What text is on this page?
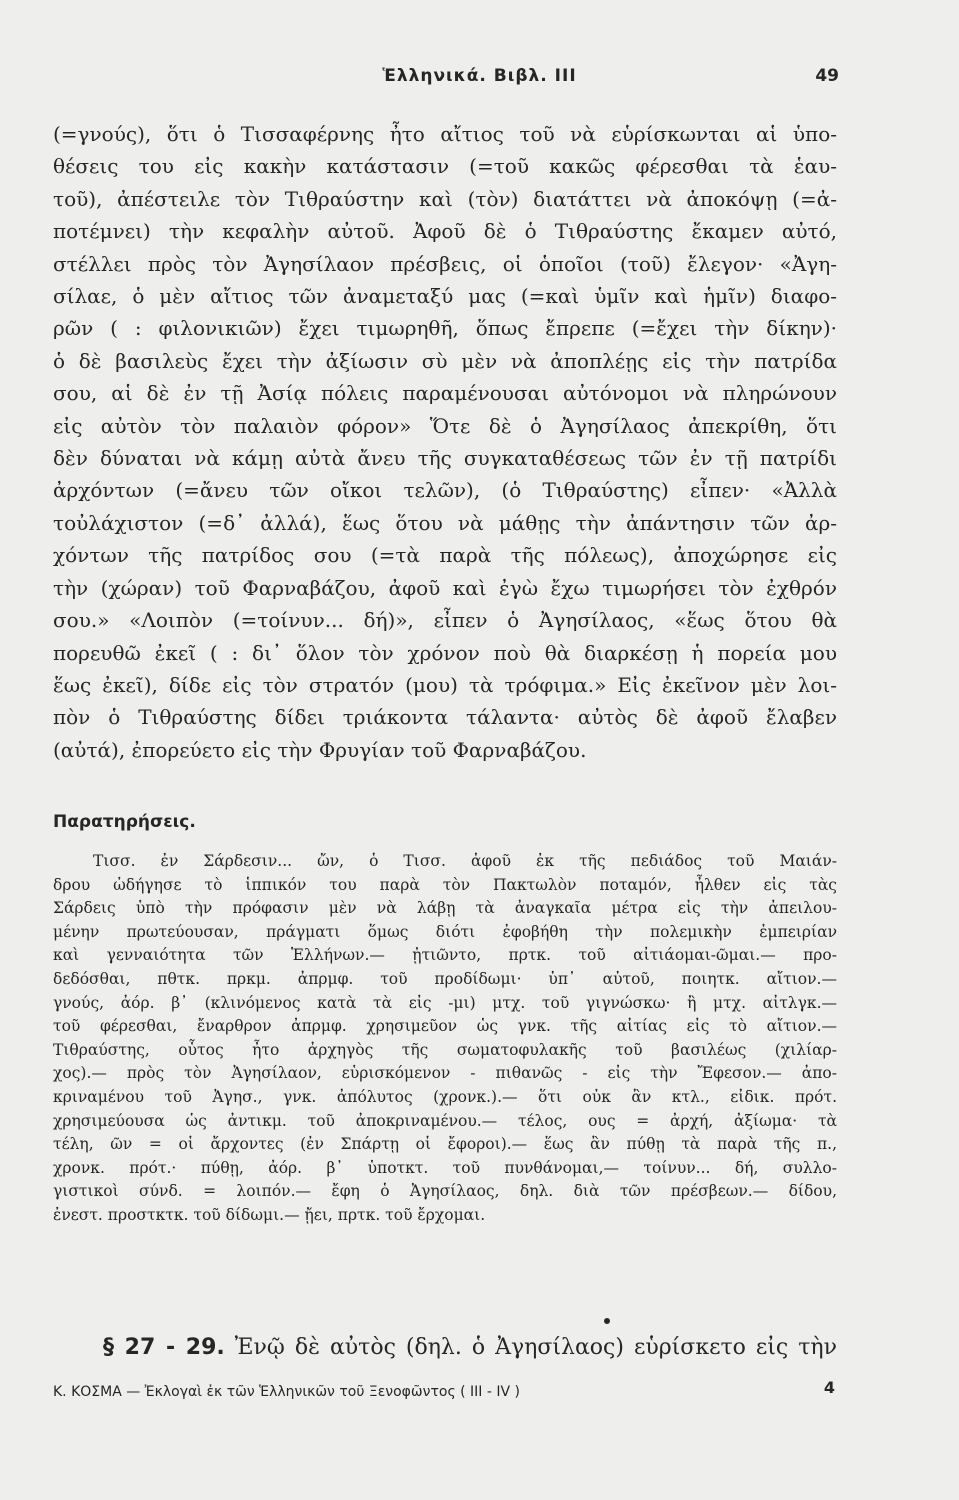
Ἑλληνικά. Βιβλ. III	49
(=γνούς), ὅτι ὁ Τισσαφέρνης ἦτο αἴτιος τοῦ νὰ εὑρίσκωνται αἱ ὑπο-
θέσεις του εἰς κακὴν κατάστασιν (=τοῦ κακῶς φέρεσθαι τὰ ἑαυ-
τοῦ), ἀπέστειλε τὸν Τιθραύστην καὶ (τὸν) διατάττει νὰ ἀποκόψῃ (=ἀ-
ποτέμνει) τὴν κεφαλὴν αὐτοῦ. Ἀφοῦ δὲ ὁ Τιθραύστης ἔκαμεν αὐτό,
στέλλει πρὸς τὸν Ἀγησίλαον πρέσβεις, οἱ ὁποῖοι (τοῦ) ἔλεγον· «Ἀγη-
σίλαε, ὁ μὲν αἴτιος τῶν ἀναμεταξύ μας (=καὶ ὑμῖν καὶ ἡμῖν) διαφο-
ρῶν ( : φιλονικιῶν) ἔχει τιμωρηθῆ, ὅπως ἔπρεπε (=ἔχει τὴν δίκην)·
ὁ δὲ βασιλεὺς ἔχει τὴν ἀξίωσιν σὺ μὲν νὰ ἀποπλέῃς εἰς τὴν πατρίδα
σου, αἱ δὲ ἐν τῇ Ἀσίᾳ πόλεις παραμένουσαι αὐτόνομοι νὰ πληρώνουν
εἰς αὐτὸν τὸν παλαιὸν φόρον» Ὅτε δὲ ὁ Ἀγησίλαος ἀπεκρίθη, ὅτι
δὲν δύναται νὰ κάμῃ αὐτὰ ἄνευ τῆς συγκαταθέσεως τῶν ἐν τῇ πατρίδι
ἀρχόντων (=ἄνευ τῶν οἴκοι τελῶν), (ὁ Τιθραύστης) εἶπεν· «Ἀλλὰ
τοὐλάχιστον (=δ᾽ ἀλλά), ἕως ὅτου νὰ μάθῃς τὴν ἀπάντησιν τῶν ἀρ-
χόντων τῆς πατρίδος σου (=τὰ παρὰ τῆς πόλεως), ἀποχώρησε εἰς
τὴν (χώραν) τοῦ Φαρναβάζου, ἀφοῦ καὶ ἐγὼ ἔχω τιμωρήσει τὸν ἐχθρόν
σου.» «Λοιπὸν (=τοίνυν... δή)», εἶπεν ὁ Ἀγησίλαος, «ἕως ὅτου θὰ
πορευθῶ ἐκεῖ ( : δι᾽ ὅλον τὸν χρόνον ποὺ θὰ διαρκέσῃ ἡ πορεία μου
ἕως ἐκεῖ), δίδε εἰς τὸν στρατόν (μου) τὰ τρόφιμα.» Εἰς ἐκεῖνον μὲν λοι-
πὸν ὁ Τιθραύστης δίδει τριάκοντα τάλαντα· αὐτὸς δὲ ἀφοῦ ἔλαβεν
(αὐτά), ἐπορεύετο εἰς τὴν Φρυγίαν τοῦ Φαρναβάζου.
Παρατηρήσεις.
Τισσ. ἐν Σάρδεσιν... ὤν, ὁ Τισσ. ἀφοῦ ἐκ τῆς πεδιάδος τοῦ Μαιάν-
δρου ὡδήγησε τὸ ἱππικόν του παρὰ τὸν Πακτωλὸν ποταμόν, ἦλθεν εἰς τὰς
Σάρδεις ὑπὸ τὴν πρόφασιν μὲν νὰ λάβῃ τὰ ἀναγκαῖα μέτρα εἰς τὴν ἀπειλου-
μένην πρωτεύουσαν, πράγματι ὅμως διότι ἐφοβήθη τὴν πολεμικὴν ἐμπειρίαν
καὶ γενναιότητα τῶν Ἑλλήνων.— ᾐτιῶντο, πρτκ. τοῦ αἰτιάομαι-ῶμαι.— προ-
δεδόσθαι, πθτκ. πρκμ. ἀπρμφ. τοῦ προδίδωμι· ὑπ᾽ αὐτοῦ, ποιητκ. αἴτιον.—
γνούς, ἀόρ. β᾽ (κλινόμενος κατὰ τὰ εἰς -μι) μτχ. τοῦ γιγνώσκω· ἢ μτχ. αἰτλγκ.—
τοῦ φέρεσθαι, ἔναρθρον ἀπρμφ. χρησιμεῦον ὡς γνκ. τῆς αἰτίας εἰς τὸ αἴτιον.—
Τιθραύστης, οὗτος ἦτο ἀρχηγὸς τῆς σωματοφυλακῆς τοῦ βασιλέως (χιλίαρ-
χος).— πρὸς τὸν Ἀγησίλαον, εὑρισκόμενον - πιθανῶς - εἰς τὴν Ἔφεσον.— ἀπο-
κριναμένου τοῦ Ἀγησ., γνκ. ἀπόλυτος (χρονκ.).— ὅτι οὐκ ἂν κτλ., εἰδικ. πρότ.
χρησιμεύουσα ὡς ἀντικμ. τοῦ ἀποκριναμένου.— τέλος, ους = ἀρχή, ἀξίωμα· τὰ
τέλη, ῶν = οἱ ἄρχοντες (ἐν Σπάρτῃ οἱ ἔφοροι).— ἕως ἂν πύθῃ τὰ παρὰ τῆς π.,
χρονκ. πρότ.· πύθῃ, ἀόρ. β᾽ ὑποτκτ. τοῦ πυνθάνομαι,— τοίνυν... δή, συλλο-
γιστικοὶ σύνδ. = λοιπόν.— ἔφη ὁ Ἀγησίλαος, δηλ. διὰ τῶν πρέσβεων.— δίδου,
ἐνεστ. προστκτκ. τοῦ δίδωμι.— ᾔει, πρτκ. τοῦ ἔρχομαι.
§ 27 - 29. Ἐνῷ δὲ αὐτὸς (δηλ. ὁ Ἀγησίλαος) εὑρίσκετο εἰς τὴν
Κ. ΚΟΣΜΑ — Ἐκλογαὶ ἐκ τῶν Ἑλληνικῶν τοῦ Ξενοφῶντος ( III - IV )	4
